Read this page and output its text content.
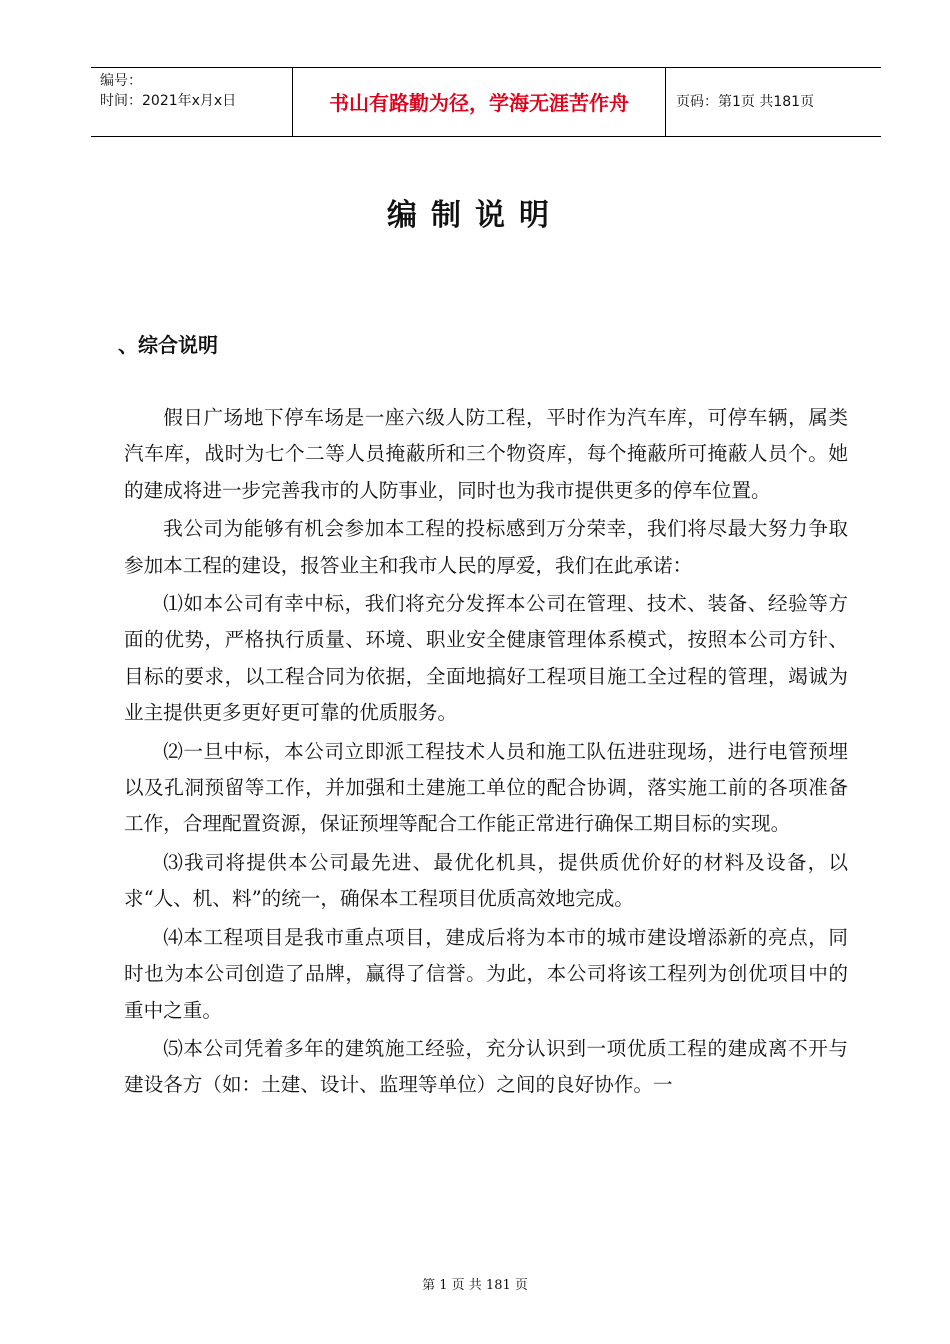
编号：
时间：2021年x月x日	书山有路勤为径，学海无涯苦作舟	页码：第1页 共181页
编制说明
、综合说明

假日广场地下停车场是一座六级人防工程，平时作为汽车库，可停车辆，属类汽车库，战时为七个二等人员掩蔽所和三个物资库，每个掩蔽所可掩蔽人员个。她的建成将进一步完善我市的人防事业，同时也为我市提供更多的停车位置。

我公司为能够有机会参加本工程的投标感到万分荣幸，我们将尽最大努力争取参加本工程的建设，报答业主和我市人民的厚爱，我们在此承诺：

⑴如本公司有幸中标，我们将充分发挥本公司在管理、技术、装备、经验等方面的优势，严格执行质量、环境、职业安全健康管理体系模式，按照本公司方针、目标的要求，以工程合同为依据，全面地搞好工程项目施工全过程的管理，竭诚为业主提供更多更好更可靠的优质服务。

⑵一旦中标，本公司立即派工程技术人员和施工队伍进驻现场，进行电管预埋以及孔洞预留等工作，并加强和土建施工单位的配合协调，落实施工前的各项准备工作，合理配置资源，保证预埋等配合工作能正常进行确保工期目标的实现。

⑶我司将提供本公司最先进、最优化机具，提供质优价好的材料及设备，以求“人、机、料”的统一，确保本工程项目优质高效地完成。

⑷本工程项目是我市重点项目，建成后将为本市的城市建设增添新的亮点，同时也为本公司创造了品牌，赢得了信誉。为此，本公司将该工程列为创优项目中的重中之重。

⑸本公司凭着多年的建筑施工经验，充分认识到一项优质工程的建成离不开与建设各方（如：土建、设计、监理等单位）之间的良好协作。一

第 1 页 共 181 页
